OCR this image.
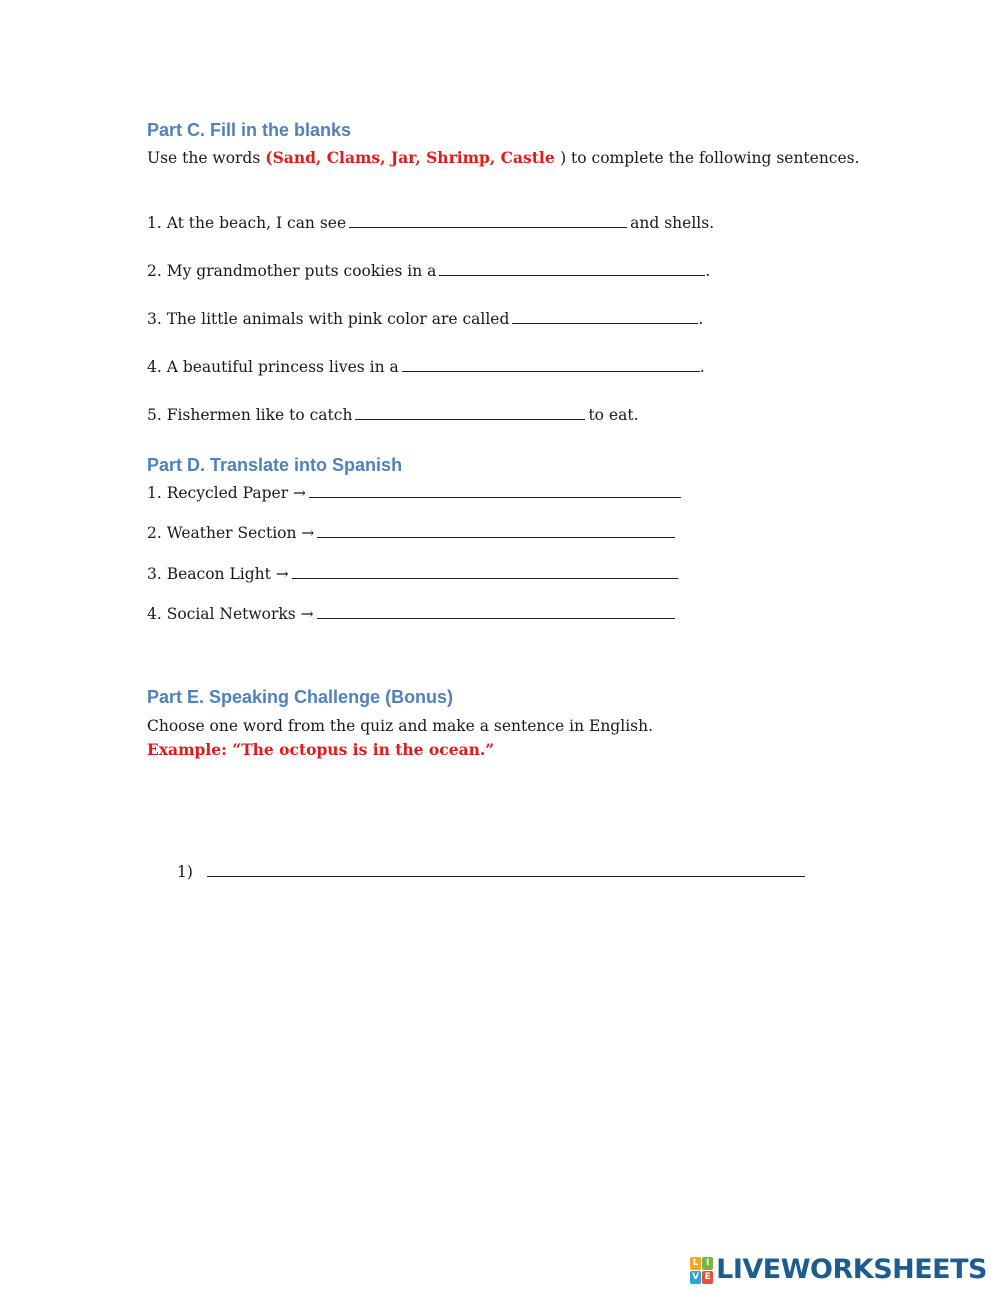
Part C. Fill in the blanks
Use the words (Sand, Clams, Jar, Shrimp, Castle ) to complete the following sentences.
1. At the beach, I can see	and shells.
2. My grandmother puts cookies in a	.
3. The little animals with pink color are called	.
4. A beautiful princess lives in a	.
5. Fishermen like to catch	to eat.
Part D. Translate into Spanish
1. Recycled Paper →
2. Weather Section →
3. Beacon Light →
4. Social Networks →
Part E. Speaking Challenge (Bonus)
Choose one word from the quiz and make a sentence in English.
Example: “The octopus is in the ocean.”
1)
L I
V E LIVEWORKSHEETS
